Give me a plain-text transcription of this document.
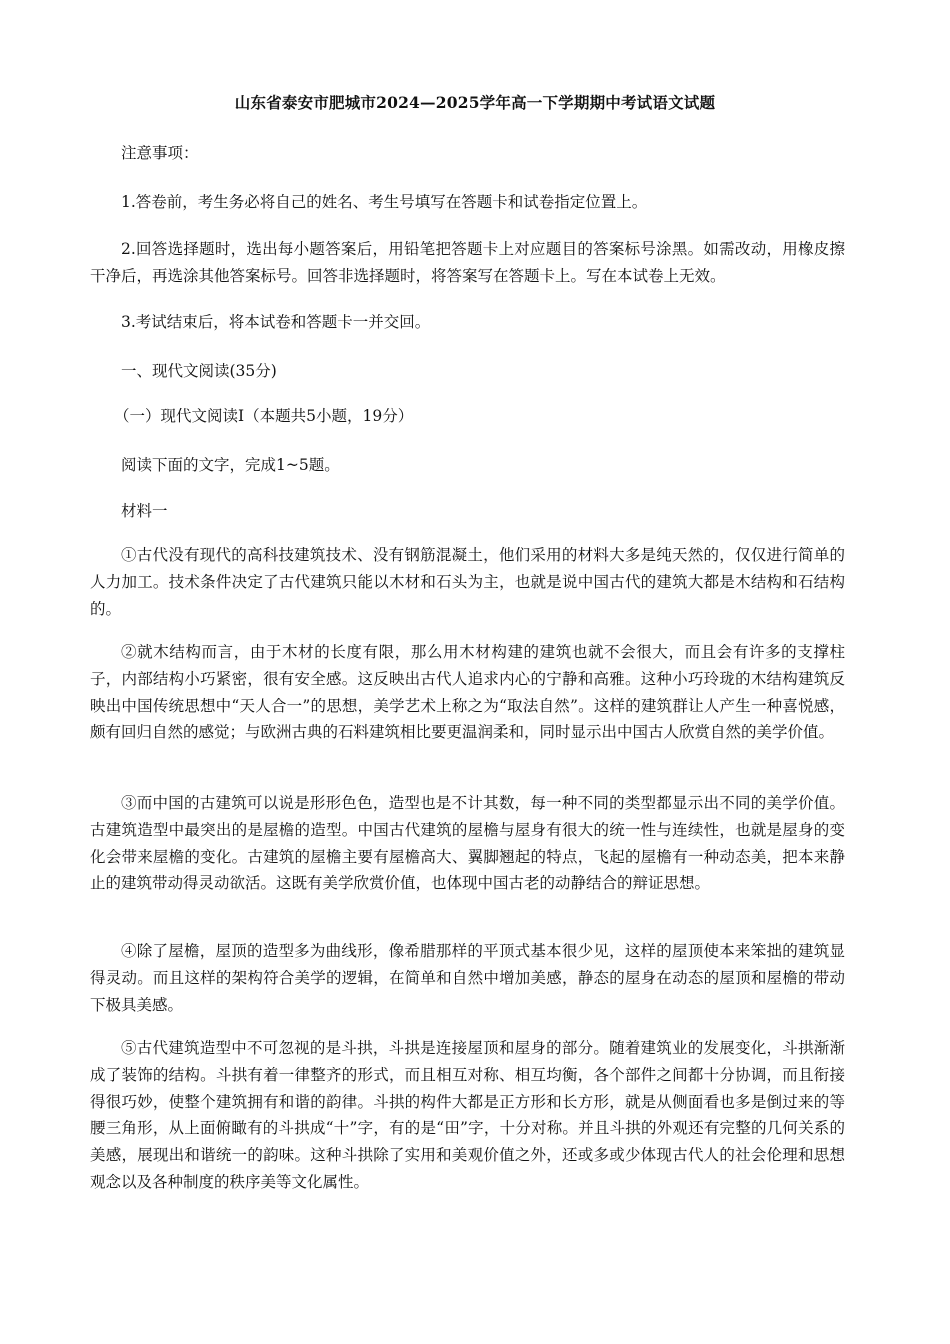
山东省泰安市肥城市2024—2025学年高一下学期期中考试语文试题
注意事项：
1.答卷前，考生务必将自己的姓名、考生号填写在答题卡和试卷指定位置上。
2.回答选择题时，选出每小题答案后，用铅笔把答题卡上对应题目的答案标号涂黑。如需改动，用橡皮擦干净后，再选涂其他答案标号。回答非选择题时，将答案写在答题卡上。写在本试卷上无效。
3.考试结束后，将本试卷和答题卡一并交回。
一、现代文阅读(35分)
（一）现代文阅读Ⅰ（本题共5小题，19分）
阅读下面的文字，完成1~5题。
材料一
①古代没有现代的高科技建筑技术、没有钢筋混凝土，他们采用的材料大多是纯天然的，仅仅进行简单的人力加工。技术条件决定了古代建筑只能以木材和石头为主，也就是说中国古代的建筑大都是木结构和石结构的。
②就木结构而言，由于木材的长度有限，那么用木材构建的建筑也就不会很大，而且会有许多的支撑柱子，内部结构小巧紧密，很有安全感。这反映出古代人追求内心的宁静和高雅。这种小巧玲珑的木结构建筑反映出中国传统思想中“天人合一”的思想，美学艺术上称之为“取法自然”。这样的建筑群让人产生一种喜悦感，颇有回归自然的感觉；与欧洲古典的石料建筑相比要更温润柔和，同时显示出中国古人欣赏自然的美学价值。
③而中国的古建筑可以说是形形色色，造型也是不计其数，每一种不同的类型都显示出不同的美学价值。古建筑造型中最突出的是屋檐的造型。中国古代建筑的屋檐与屋身有很大的统一性与连续性，也就是屋身的变化会带来屋檐的变化。古建筑的屋檐主要有屋檐高大、翼脚翘起的特点，飞起的屋檐有一种动态美，把本来静止的建筑带动得灵动欲活。这既有美学欣赏价值，也体现中国古老的动静结合的辩证思想。
④除了屋檐，屋顶的造型多为曲线形，像希腊那样的平顶式基本很少见，这样的屋顶使本来笨拙的建筑显得灵动。而且这样的架构符合美学的逻辑，在简单和自然中增加美感，静态的屋身在动态的屋顶和屋檐的带动下极具美感。
⑤古代建筑造型中不可忽视的是斗拱，斗拱是连接屋顶和屋身的部分。随着建筑业的发展变化，斗拱渐渐成了装饰的结构。斗拱有着一律整齐的形式，而且相互对称、相互均衡，各个部件之间都十分协调，而且衔接得很巧妙，使整个建筑拥有和谐的韵律。斗拱的构件大都是正方形和长方形，就是从侧面看也多是倒过来的等腰三角形，从上面俯瞰有的斗拱成“十”字，有的是“田”字，十分对称。并且斗拱的外观还有完整的几何关系的美感，展现出和谐统一的韵味。这种斗拱除了实用和美观价值之外，还或多或少体现古代人的社会伦理和思想观念以及各种制度的秩序美等文化属性。
